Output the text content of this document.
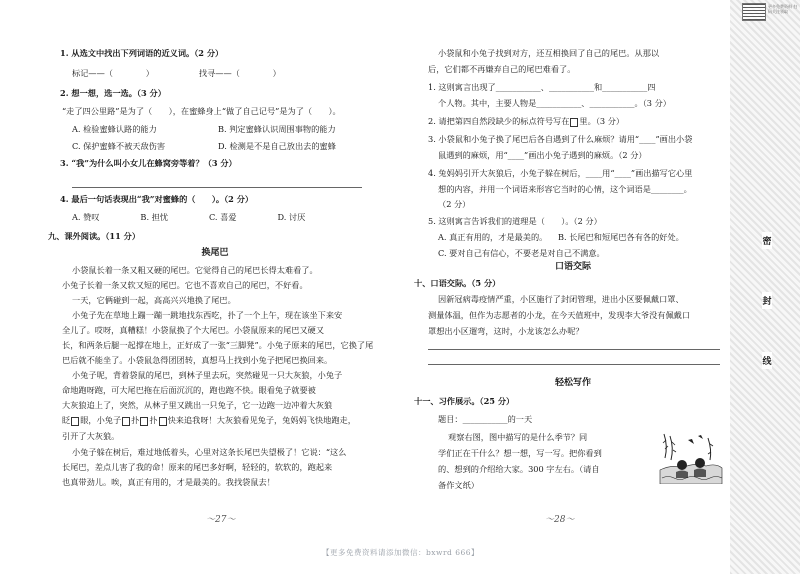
1. 从选文中找出下列词语的近义词。（2 分）
标记——（　　　　）　　　　　　找寻——（　　　　）
2. 想一想，选一选。（3 分）
“走了四公里路”是为了（　　），在蜜蜂身上“做了自己记号”是为了（　　）。
A. 检验蜜蜂认路的能力	B. 判定蜜蜂认识周围事物的能力
C. 保护蜜蜂不被天敌伤害	D. 检测是不是自己放出去的蜜蜂
3. “我”为什么叫小女儿在蜂窝旁等着？（3 分）
4. 最后一句话表现出“我”对蜜蜂的（　　）。（2 分）
A. 赞叹　　　　　B. 担忧　　　　　C. 喜爱　　　　　D. 讨厌
九、课外阅读。（11 分）
换尾巴
小袋鼠长着一条又粗又硬的尾巴。它觉得自己的尾巴长得太难看了。
小兔子长着一条又软又短的尾巴。它也不喜欢自己的尾巴，不好看。
一天，它俩碰到一起，高高兴兴地换了尾巴。
小兔子先在草地上蹦一蹦一跳地找东西吃，扑了一个上午，现在该坐下来安
全儿了。哎呀，真糟糕！小袋鼠换了个大尾巴。小袋鼠原来的尾巴又硬又
长，和两条后腿一起撑在地上，正好成了一张“三脚凳”。小兔子原来的尾巴，它换了尾
巴后就不能坐了。小袋鼠急得团团转，真想马上找到小兔子把尾巴换回来。
小兔子呢，背着袋鼠的尾巴，到林子里去玩，突然碰见一只大灰狼，小兔子
命地跑呀跑，可大尾巴拖在后面沉沉的，跑也跑不快。眼看兔子就要被
大灰狼追上了，突然，从林子里又跳出一只兔子，它一边跑一边冲着大灰狼
眨 眼，小兔子 扑 扑 快来追我呀！大灰狼看见兔子，兔妈妈飞快地跑走，
引开了大灰狼。
小兔子躲在树后，难过地低着头，心里对这条长尾巴失望极了！它说：“这么
长尾巴，差点儿害了我的命！原来的尾巴多好啊，轻轻的，软软的，跑起来
也真带劲儿。唉，真正有用的，才是最美的。我找袋鼠去！
～27～
小袋鼠和小兔子找到对方，还互相换回了自己的尾巴。从那以
后，它们都不再嫌弃自己的尾巴难看了。
1. 这则寓言出现了___________、___________和___________四
个人物。其中，主要人物是___________、___________。（3 分）
2. 请把第四自然段缺少的标点符号写在 里。（3 分）
3. 小袋鼠和小兔子换了尾巴后各自遇到了什么麻烦？请用“____”画出小袋
鼠遇到的麻烦，用“____”画出小兔子遇到的麻烦。（2 分）
4. 兔妈妈引开大灰狼后，小兔子躲在树后，____用“____”画出描写它心里
想的内容，并用一个词语来形容它当时的心情，这个词语是________。
（2 分）
5. 这则寓言告诉我们的道理是（　　）。（2 分）
A. 真正有用的，才是最美的。 B. 长尾巴和短尾巴各有各的好处。
C. 要对自己有信心，不要老是对自己不满意。
口语交际
十、口语交际。（5 分）
因新冠病毒疫情严重，小区施行了封闭管理，进出小区要佩戴口罩、
测量体温，但作为志愿者的小龙，在今天值班中，发现李大爷没有佩戴口
罩想出小区遛弯，这时，小龙该怎么办呢？
轻松写作
十一、习作展示。（25 分）
题目：___________的一天
观察右图，图中描写的是什么季节？同
学们正在干什么？想一想，写一写。把你看到
的、想到的介绍给大家。300 字左右。（请自
备作文纸）
～28～
更多免费资料 扫码关注领取
密
封
线
【更多免费资料请添加微信：bxwrd 666】
